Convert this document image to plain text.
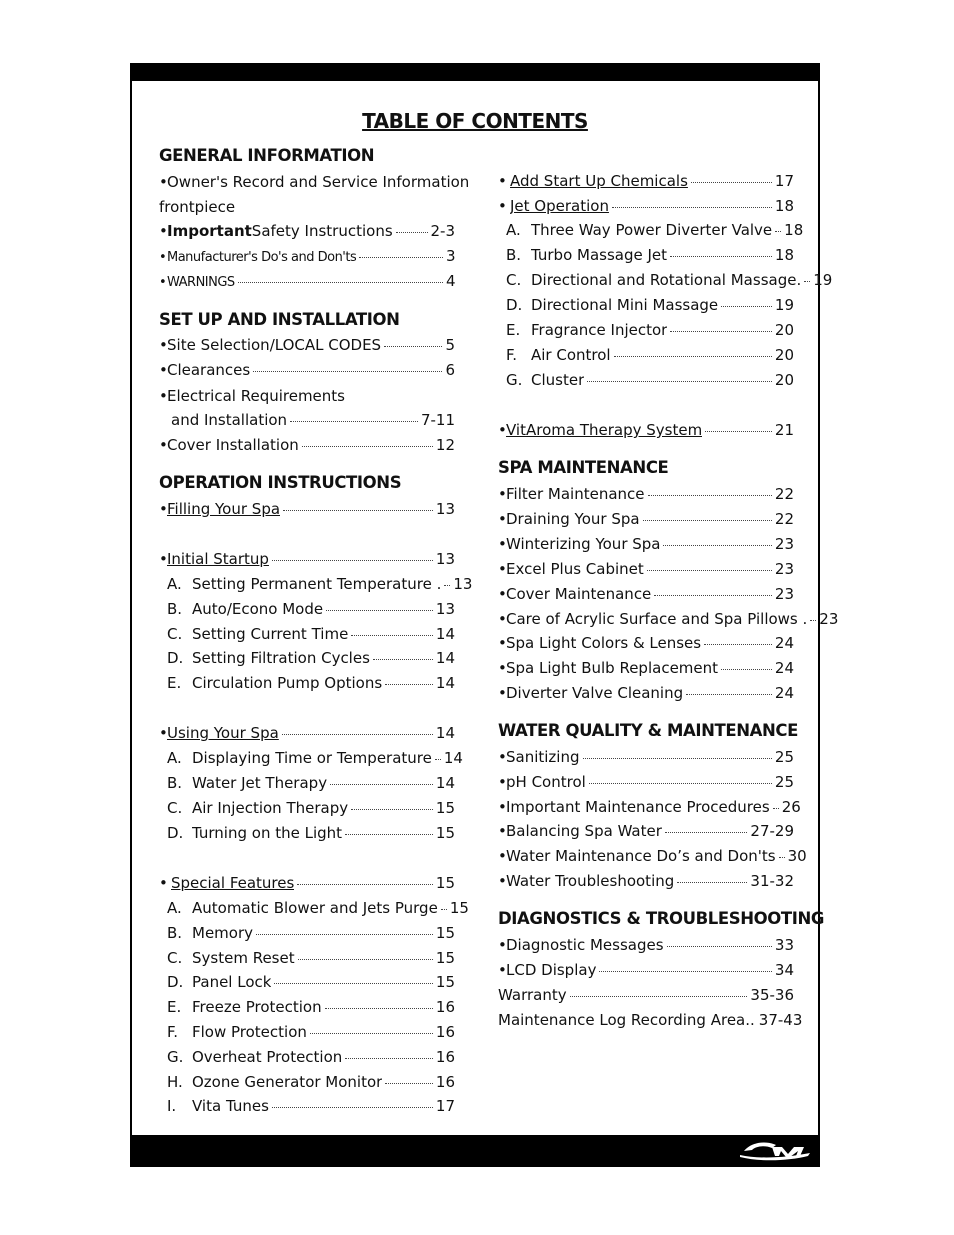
TABLE OF CONTENTS
GENERAL INFORMATION
• Owner's Record and Service Information
frontpiece
• Important Safety Instructions	2-3
• Manufacturer's Do's and Don'ts	3
• WARNINGS	4
SET UP AND INSTALLATION
• Site Selection/LOCAL CODES	5
• Clearances	6
• Electrical Requirements
and Installation	7-11
• Cover Installation	12
OPERATION INSTRUCTIONS
• Filling Your Spa	13
• Initial Startup	13
A. Setting Permanent Temperature . 13
B. Auto/Econo Mode	13
C. Setting Current Time	14
D. Setting Filtration Cycles	14
E. Circulation Pump Options	14
• Using Your Spa	14
A. Displaying Time or Temperature 14
B. Water Jet Therapy	14
C. Air Injection Therapy	15
D. Turning on the Light	15
• Special Features	15
A. Automatic Blower and Jets Purge 15
B. Memory	15
C. System Reset	15
D. Panel Lock	15
E. Freeze Protection	16
F. Flow Protection	16
G. Overheat Protection	16
H. Ozone Generator Monitor	16
I.	Vita Tunes	17
• Add Start Up Chemicals	17
• Jet Operation	18
A. Three Way Power Diverter Valve 18
B. Turbo Massage Jet	18
C. Directional and Rotational Massage. 19
D. Directional Mini Massage	19
E. Fragrance Injector	20
F. Air Control	20
G. Cluster	20
• VitAroma Therapy System	21
SPA MAINTENANCE
• Filter Maintenance	22
• Draining Your Spa	22
• Winterizing Your Spa	23
• Excel Plus Cabinet	23
• Cover Maintenance	23
• Care of Acrylic Surface and Spa Pillows . 23
• Spa Light Colors & Lenses	24
• Spa Light Bulb Replacement	24
• Diverter Valve Cleaning	24
WATER QUALITY & MAINTENANCE
• Sanitizing	25
• pH Control	25
• Important Maintenance Procedures 26
• Balancing Spa Water	27-29
• Water Maintenance Do’s and Don'ts 30
• Water Troubleshooting	31-32
DIAGNOSTICS & TROUBLESHOOTING
• Diagnostic Messages	33
• LCD Display	34
Warranty	35-36
Maintenance Log Recording Area.. 37-43
